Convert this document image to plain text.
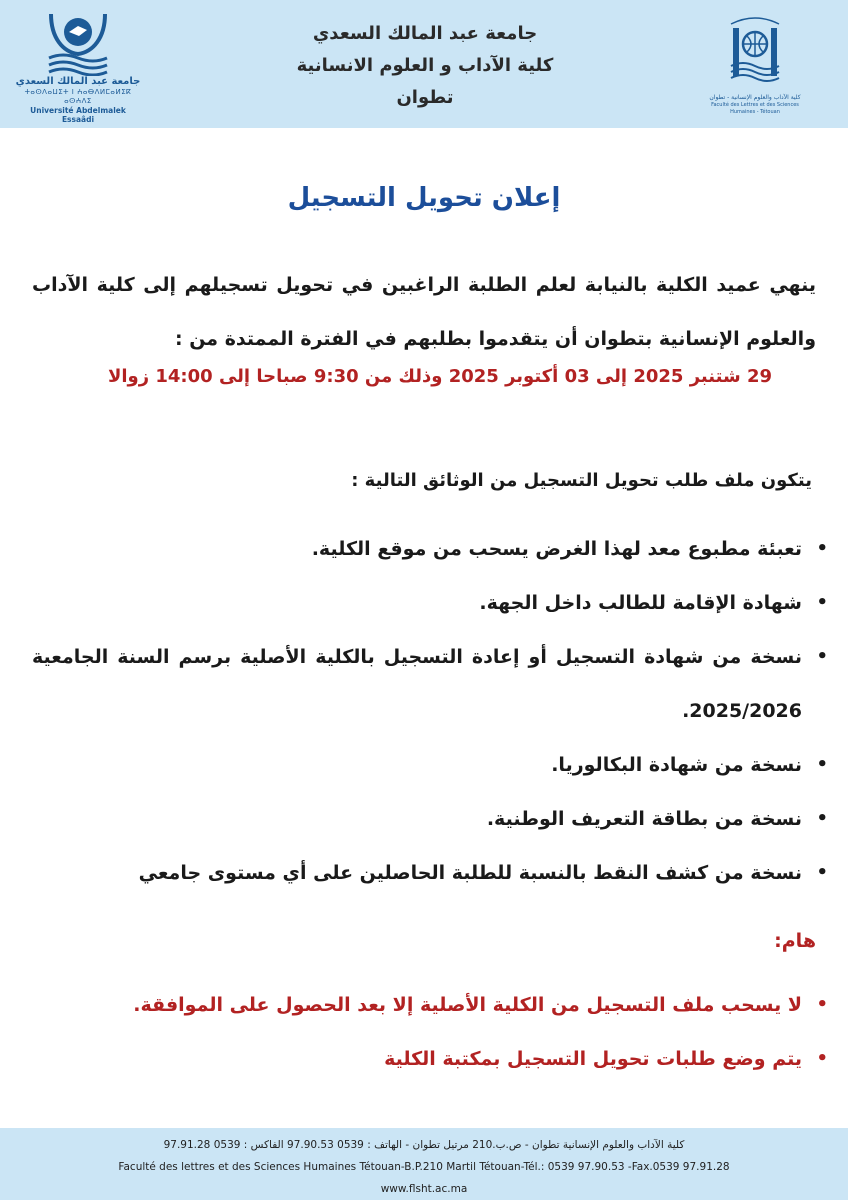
جامعة عبد المالك السعدي
ⵜⴰⵙⴷⴰⵡⵉⵜ ⵏ ⵄⴰⴱⴷⵍⵎⴰⵍⵉⴽ ⴰⵙⵄⴷⵉ
Université Abdelmalek Essaâdi
جامعة عبد المالك السعدي
كلية الآداب و العلوم الانسانية
تطوان	كلية الآداب والعلوم الإنسانية - تطوان
Faculté des Lettres et des Sciences Humaines - Tétouan
إعلان تحويل التسجيل
ينهي عميد الكلية بالنيابة لعلم الطلبة الراغبين في تحويل تسجيلهم إلى كلية الآداب والعلوم الإنسانية بتطوان أن يتقدموا بطلبهم في الفترة الممتدة من :
29 شتنبر 2025 إلى 03 أكتوبر 2025 وذلك من 9:30 صباحا إلى 14:00 زوالا
يتكون ملف طلب تحويل التسجيل من الوثائق التالية :
•
تعبئة مطبوع معد لهذا الغرض يسحب من موقع الكلية.
•
شهادة الإقامة للطالب داخل الجهة.
•
نسخة من شهادة التسجيل أو إعادة التسجيل بالكلية الأصلية برسم السنة الجامعية 2025/2026.
•
نسخة من شهادة البكالوريا.
•
نسخة من بطاقة التعريف الوطنية.
•
نسخة من كشف النقط بالنسبة للطلبة الحاصلين على أي مستوى جامعي
هام:
•
لا يسحب ملف التسجيل من الكلية الأصلية إلا بعد الحصول على الموافقة.
•
يتم وضع طلبات تحويل التسجيل بمكتبة الكلية
كلية الآداب والعلوم الإنسانية تطوان - ص.ب.210 مرتيل تطوان - الهاتف : 0539 97.90.53 الفاكس : 0539 97.91.28
Faculté des lettres et des Sciences Humaines Tétouan-B.P.210 Martil Tétouan-Tél.: 0539 97.90.53 -Fax.0539 97.91.28
www.flsht.ac.ma
